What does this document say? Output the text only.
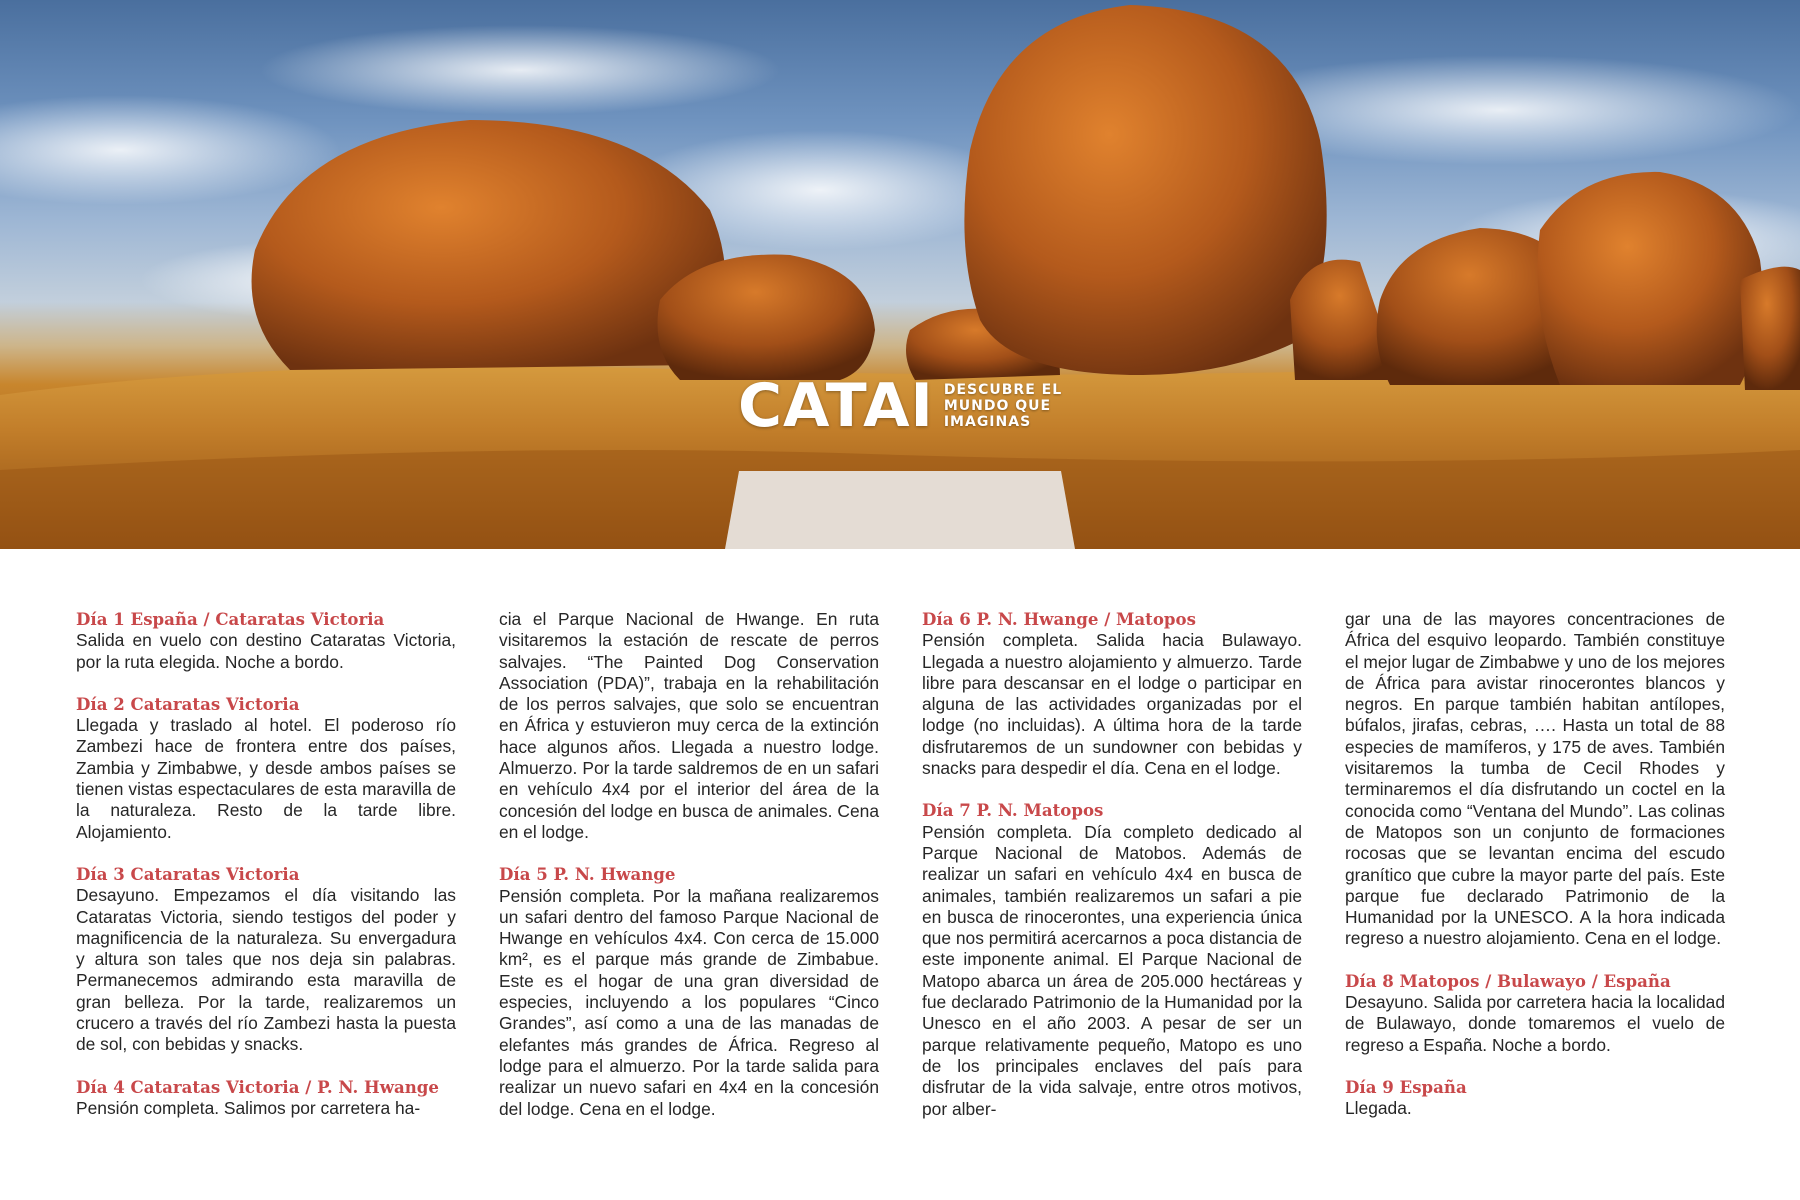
CATAI DESCUBRE EL
MUNDO QUE
IMAGINAS
Día 1 España / Cataratas Victoria
Salida en vuelo con destino Cataratas Victoria, por la ruta elegida. Noche a bordo.
Día 2 Cataratas Victoria
Llegada y traslado al hotel. El poderoso río Zambezi hace de frontera entre dos países, Zambia y Zimbabwe, y desde ambos países se tienen vistas espectaculares de esta maravilla de la naturaleza. Resto de la tarde libre. Alojamiento.
Día 3 Cataratas Victoria
Desayuno. Empezamos el día visitando las Cataratas Victoria, siendo testigos del poder y magnificencia de la naturaleza. Su envergadura y altura son tales que nos deja sin palabras. Permanecemos admirando esta maravilla de gran belleza. Por la tarde, realizaremos un crucero a través del río Zambezi hasta la puesta de sol, con bebidas y snacks.
Día 4 Cataratas Victoria / P. N. Hwange
Pensión completa. Salimos por carretera ha-
cia el Parque Nacional de Hwange. En ruta visitaremos la estación de rescate de perros salvajes. “The Painted Dog Conservation Association (PDA)”, trabaja en la rehabilitación de los perros salvajes, que solo se encuentran en África y estuvieron muy cerca de la extinción hace algunos años. Llegada a nuestro lodge. Almuerzo. Por la tarde saldremos de en un safari en vehículo 4x4 por el interior del área de la concesión del lodge en busca de animales. Cena en el lodge.
Día 5 P. N. Hwange
Pensión completa. Por la mañana realizaremos un safari dentro del famoso Parque Nacional de Hwange en vehículos 4x4. Con cerca de 15.000 km², es el parque más grande de Zimbabue. Este es el hogar de una gran diversidad de especies, incluyendo a los populares “Cinco Grandes”, así como a una de las manadas de elefantes más grandes de África. Regreso al lodge para el almuerzo. Por la tarde salida para realizar un nuevo safari en 4x4 en la concesión del lodge. Cena en el lodge.
Día 6 P. N. Hwange / Matopos
Pensión completa. Salida hacia Bulawayo. Llegada a nuestro alojamiento y almuerzo. Tarde libre para descansar en el lodge o participar en alguna de las actividades organizadas por el lodge (no incluidas). A última hora de la tarde disfrutaremos de un sundowner con bebidas y snacks para despedir el día. Cena en el lodge.
Día 7 P. N. Matopos
Pensión completa. Día completo dedicado al Parque Nacional de Matobos. Además de realizar un safari en vehículo 4x4 en busca de animales, también realizaremos un safari a pie en busca de rinocerontes, una experiencia única que nos permitirá acercarnos a poca distancia de este imponente animal. El Parque Nacional de Matopo abarca un área de 205.000 hectáreas y fue declarado Patrimonio de la Humanidad por la Unesco en el año 2003. A pesar de ser un parque relativamente pequeño, Matopo es uno de los principales enclaves del país para disfrutar de la vida salvaje, entre otros motivos, por alber-
gar una de las mayores concentraciones de África del esquivo leopardo. También constituye el mejor lugar de Zimbabwe y uno de los mejores de África para avistar rinocerontes blancos y negros. En parque también habitan antílopes, búfalos, jirafas, cebras, …. Hasta un total de 88 especies de mamíferos, y 175 de aves. También visitaremos la tumba de Cecil Rhodes y terminaremos el día disfrutando un coctel en la conocida como “Ventana del Mundo”. Las colinas de Matopos son un conjunto de formaciones rocosas que se levantan encima del escudo granítico que cubre la mayor parte del país. Este parque fue declarado Patrimonio de la Humanidad por la UNESCO. A la hora indicada regreso a nuestro alojamiento. Cena en el lodge.
Día 8 Matopos / Bulawayo / España
Desayuno. Salida por carretera hacia la localidad de Bulawayo, donde tomaremos el vuelo de regreso a España. Noche a bordo.
Día 9 España
Llegada.
